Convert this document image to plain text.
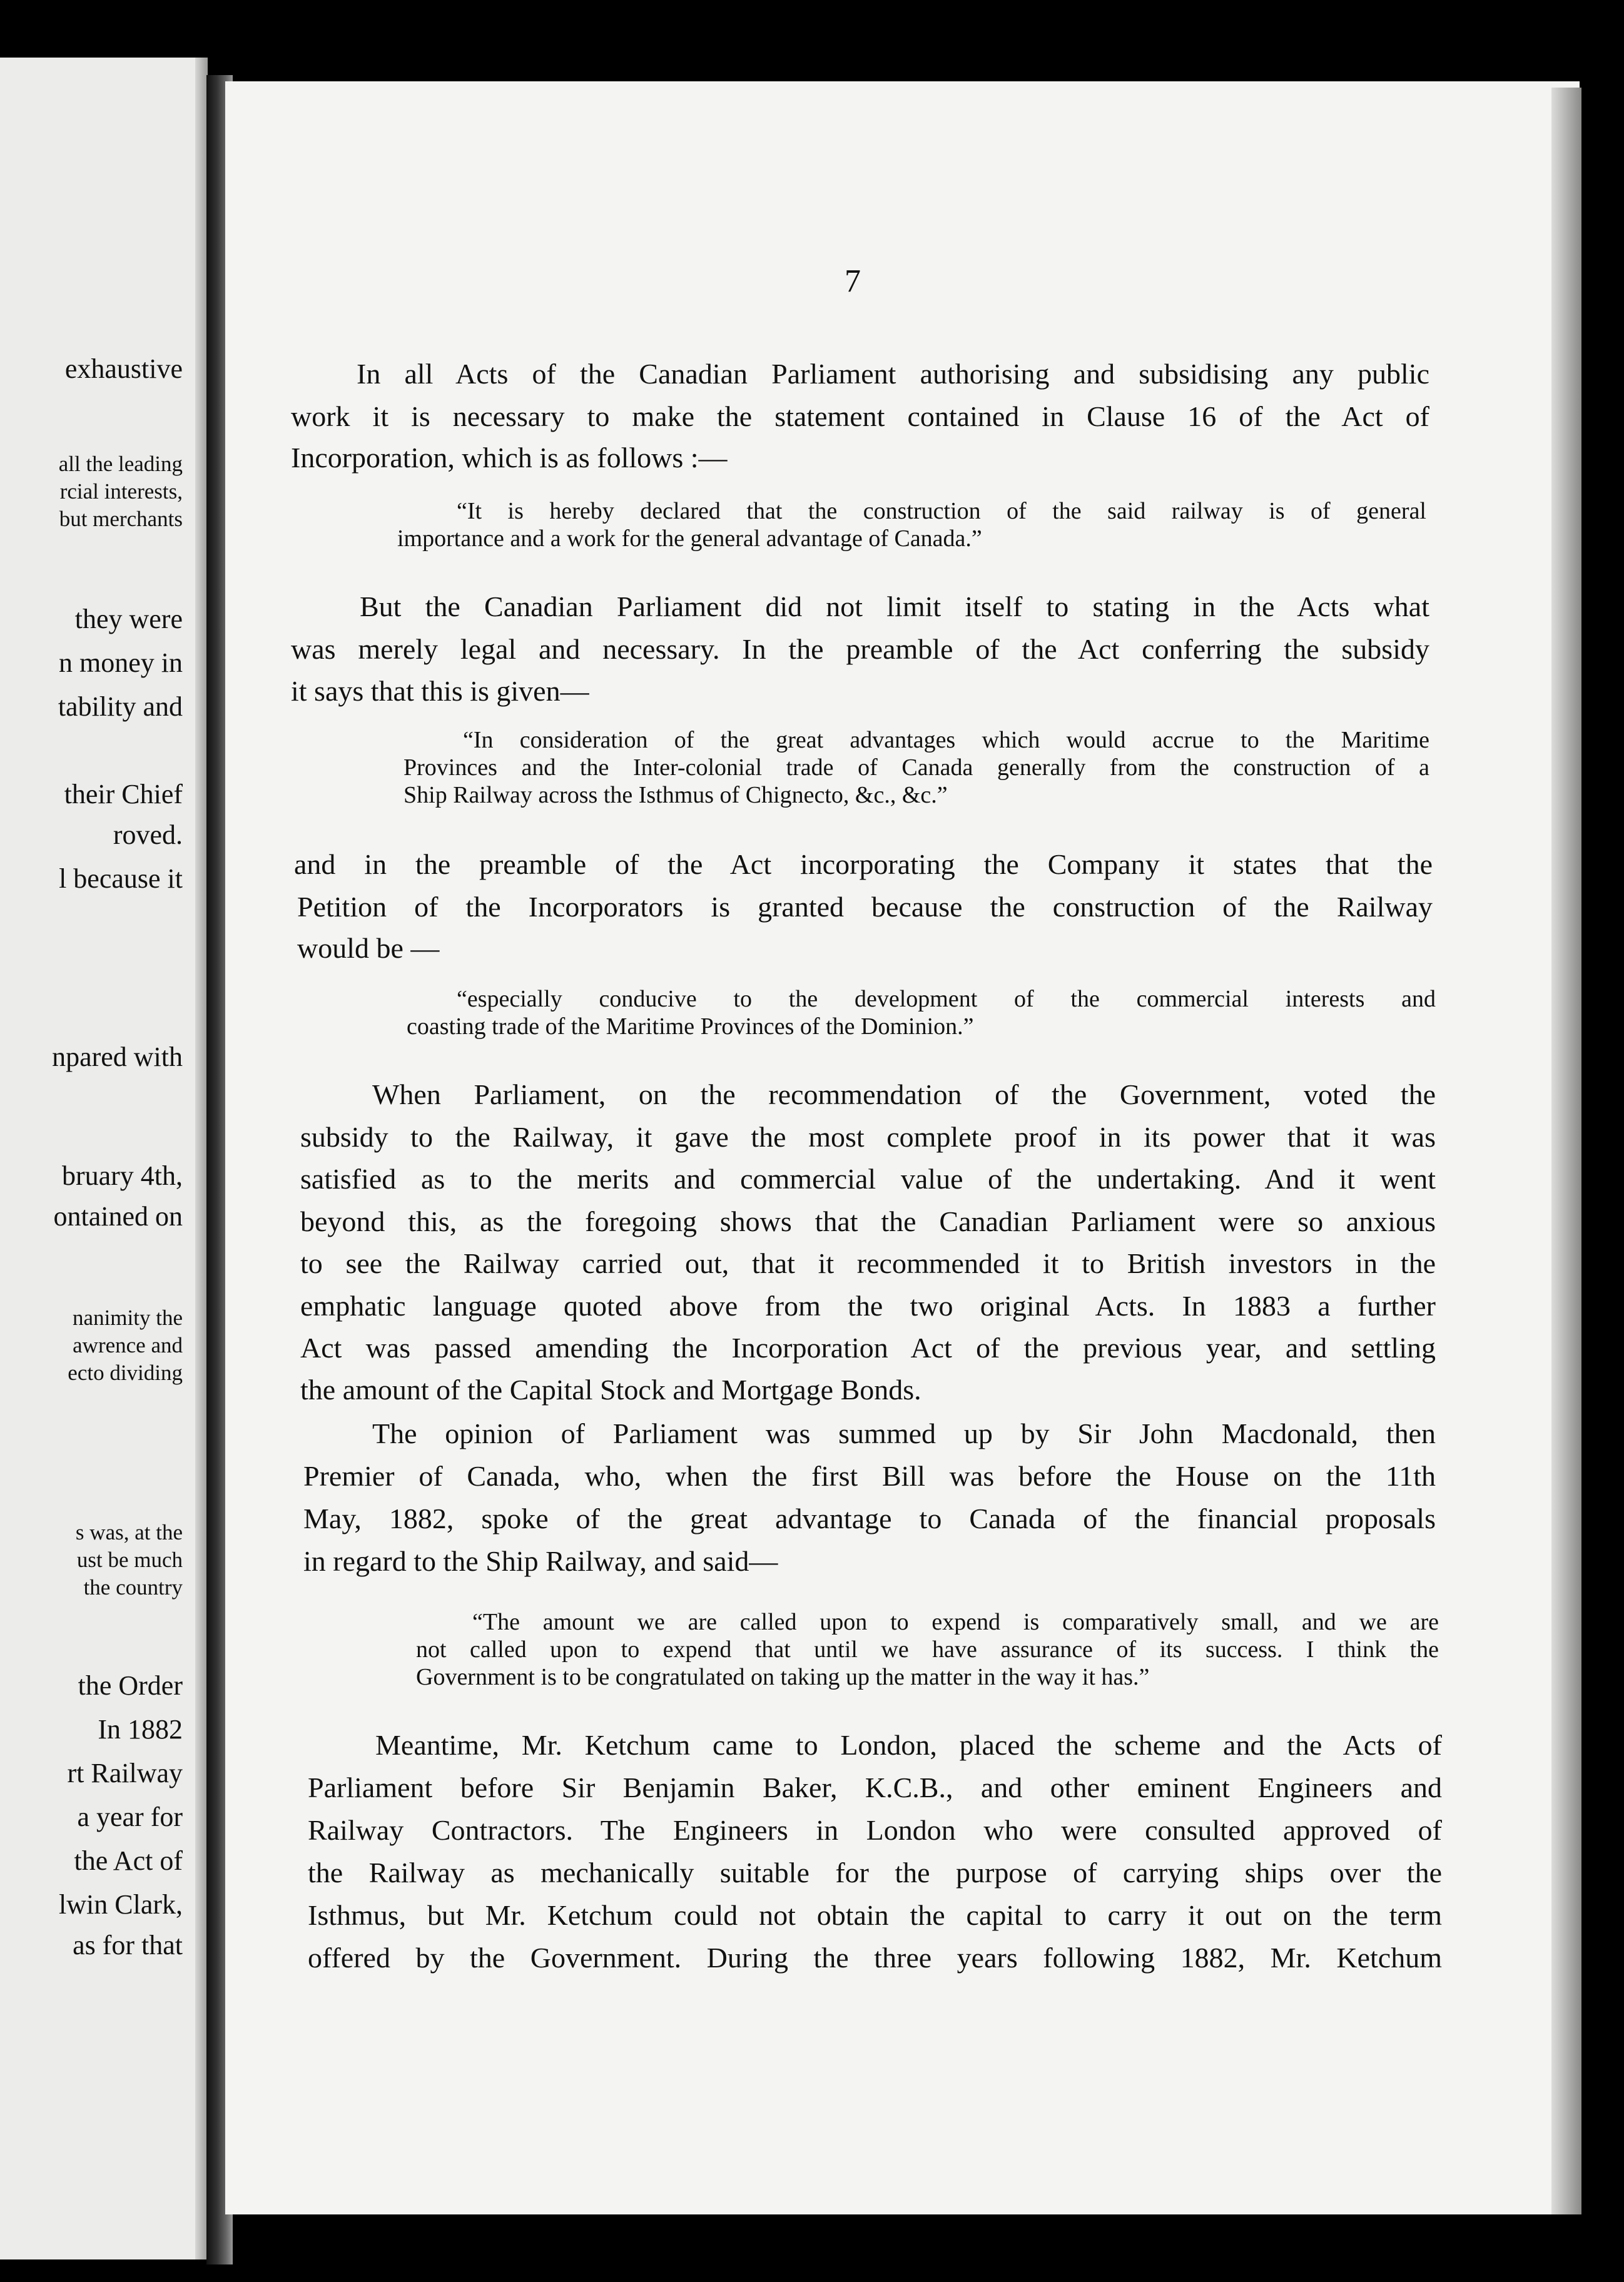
exhaustive
all the leading
rcial interests,
but merchants
they were
n money in
tability and
their Chief
roved.
l because it
npared with
bruary 4th,
ontained on
nanimity the
awrence and
ecto dividing
s was, at the
ust be much
the country
the Order
In 1882
rt Railway
a year for
the Act of
lwin Clark,
as for that
7
In all Acts of the Canadian Parliament authorising and subsidising any public
work it is necessary to make the statement contained in Clause 16 of the Act of
Incorporation, which is as follows :—
“It is hereby declared that the construction of the said railway is of general
importance and a work for the general advantage of Canada.”
But the Canadian Parliament did not limit itself to stating in the Acts what
was merely legal and necessary. In the preamble of the Act conferring the subsidy
it says that this is given—
“In consideration of the great advantages which would accrue to the Maritime
Provinces and the Inter-colonial trade of Canada generally from the construction of a
Ship Railway across the Isthmus of Chignecto, &c., &c.”
and in the preamble of the Act incorporating the Company it states that the
Petition of the Incorporators is granted because the construction of the Railway
would be —
“especially conducive to the development of the commercial interests and
coasting trade of the Maritime Provinces of the Dominion.”
When Parliament, on the recommendation of the Government, voted the
subsidy to the Railway, it gave the most complete proof in its power that it was
satisfied as to the merits and commercial value of the undertaking. And it went
beyond this, as the foregoing shows that the Canadian Parliament were so anxious
to see the Railway carried out, that it recommended it to British investors in the
emphatic language quoted above from the two original Acts. In 1883 a further
Act was passed amending the Incorporation Act of the previous year, and settling
the amount of the Capital Stock and Mortgage Bonds.
The opinion of Parliament was summed up by Sir John Macdonald, then
Premier of Canada, who, when the first Bill was before the House on the 11th
May, 1882, spoke of the great advantage to Canada of the financial proposals
in regard to the Ship Railway, and said—
“The amount we are called upon to expend is comparatively small, and we are
not called upon to expend that until we have assurance of its success. I think the
Government is to be congratulated on taking up the matter in the way it has.”
Meantime, Mr. Ketchum came to London, placed the scheme and the Acts of
Parliament before Sir Benjamin Baker, K.C.B., and other eminent Engineers and
Railway Contractors. The Engineers in London who were consulted approved of
the Railway as mechanically suitable for the purpose of carrying ships over the
Isthmus, but Mr. Ketchum could not obtain the capital to carry it out on the term
offered by the Government. During the three years following 1882, Mr. Ketchum
